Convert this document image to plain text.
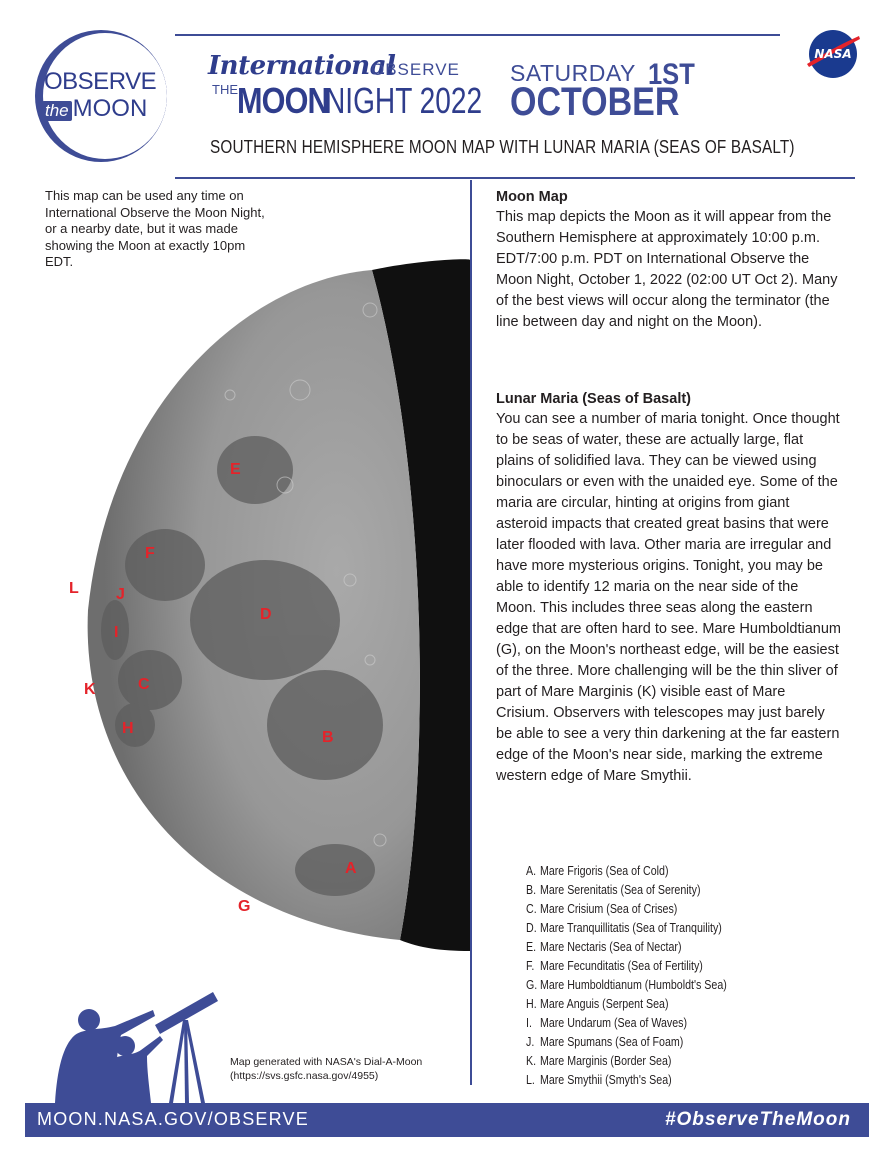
OBSERVE
the MOON
International
OBSERVE
THE MOON
NIGHT 2022
SATURDAY
OCTOBER
1ST
NASA
SOUTHERN HEMISPHERE MOON MAP WITH LUNAR MARIA (SEAS OF BASALT)
This map can be used any time on International Observe the Moon Night, or a nearby date, but it was made showing the Moon at exactly 10pm EDT.
A
B
C
D
E
F
G
H
I
J
K
L
Map generated with NASA's Dial-A-Moon (https://svs.gsfc.nasa.gov/4955)
Moon Map
This map depicts the Moon as it will appear from the Southern Hemisphere at approximately 10:00 p.m. EDT/7:00 p.m. PDT on International Observe the Moon Night, October 1, 2022 (02:00 UT Oct 2). Many of the best views will occur along the terminator (the line between day and night on the Moon).
Lunar Maria (Seas of Basalt)
You can see a number of maria tonight. Once thought to be seas of water, these are actually large, flat plains of solidified lava. They can be viewed using binoculars or even with the unaided eye. Some of the maria are circular, hinting at origins from giant asteroid impacts that created great basins that were later flooded with lava. Other maria are irregular and have more mysterious origins. Tonight, you may be able to identify 12 maria on the near side of the Moon. This includes three seas along the eastern edge that are often hard to see. Mare Humboldtianum (G), on the Moon's northeast edge, will be the easiest of the three. More challenging will be the thin sliver of part of Mare Marginis (K) visible east of Mare Crisium. Observers with telescopes may just barely be able to see a very thin darkening at the far eastern edge of the Moon's near side, marking the extreme western edge of Mare Smythii.
A. Mare Frigoris (Sea of Cold)
B. Mare Serenitatis (Sea of Serenity)
C. Mare Crisium (Sea of Crises)
D. Mare Tranquillitatis (Sea of Tranquility)
E. Mare Nectaris (Sea of Nectar)
F. Mare Fecunditatis (Sea of Fertility)
G. Mare Humboldtianum (Humboldt's Sea)
H. Mare Anguis (Serpent Sea)
I. Mare Undarum (Sea of Waves)
J. Mare Spumans (Sea of Foam)
K. Mare Marginis (Border Sea)
L. Mare Smythii (Smyth's Sea)
MOON.NASA.GOV/OBSERVE	#ObserveTheMoon
